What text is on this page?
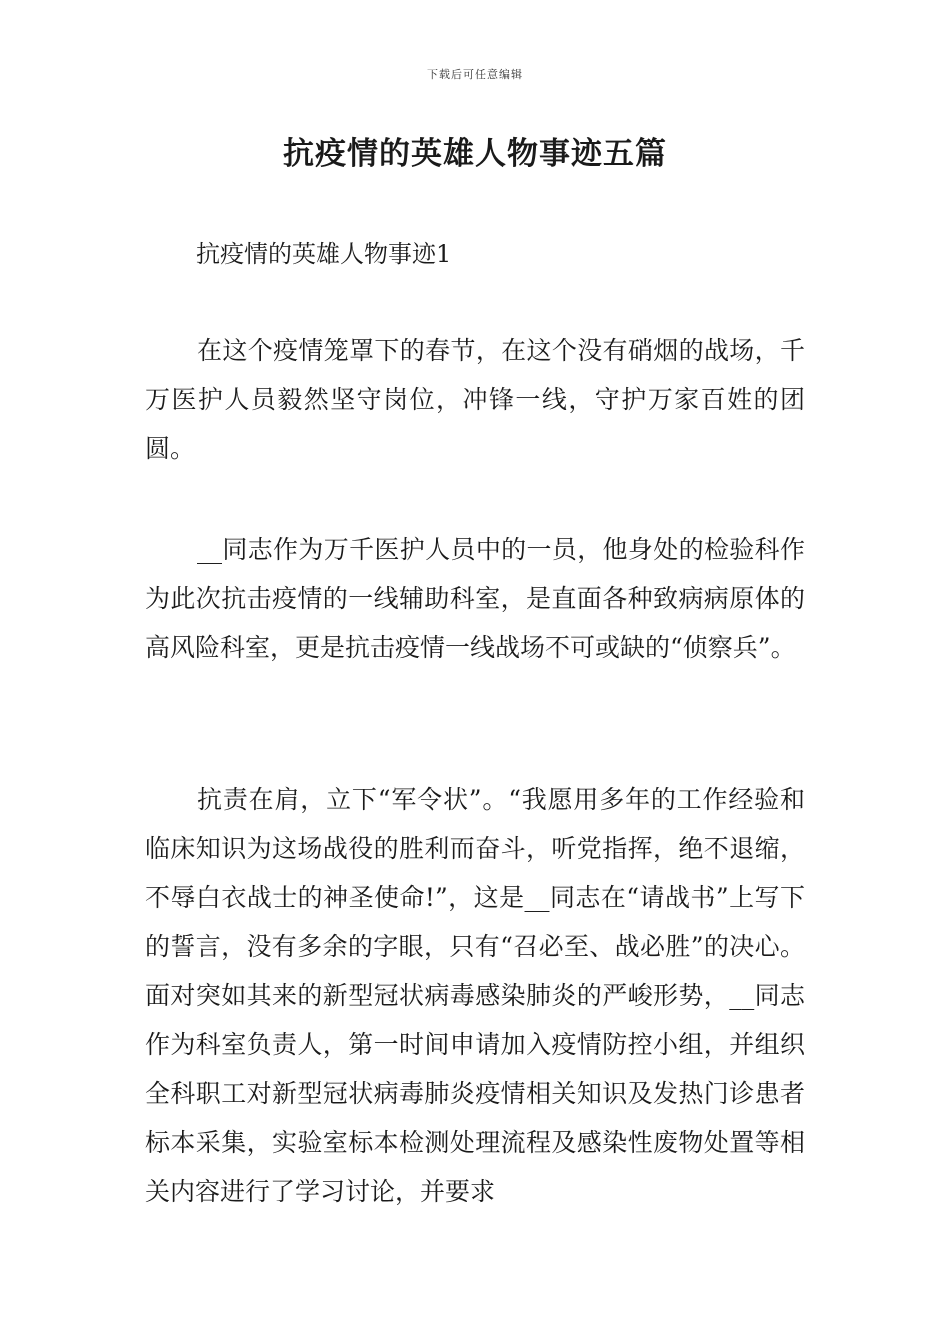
下载后可任意编辑
抗疫情的英雄人物事迹五篇

抗疫情的英雄人物事迹1

在这个疫情笼罩下的春节，在这个没有硝烟的战场，千万医护人员毅然坚守岗位，冲锋一线，守护万家百姓的团圆。

__同志作为万千医护人员中的一员，他身处的检验科作为此次抗击疫情的一线辅助科室，是直面各种致病病原体的高风险科室，更是抗击疫情一线战场不可或缺的“侦察兵”。

抗责在肩，立下“军令状”。“我愿用多年的工作经验和临床知识为这场战役的胜利而奋斗，听党指挥，绝不退缩，不辱白衣战士的神圣使命!”，这是__同志在“请战书”上写下的誓言，没有多余的字眼，只有“召必至、战必胜”的决心。面对突如其来的新型冠状病毒感染肺炎的严峻形势，__同志作为科室负责人，第一时间申请加入疫情防控小组，并组织全科职工对新型冠状病毒肺炎疫情相关知识及发热门诊患者标本采集，实验室标本检测处理流程及感染性废物处置等相关内容进行了学习讨论，并要求
